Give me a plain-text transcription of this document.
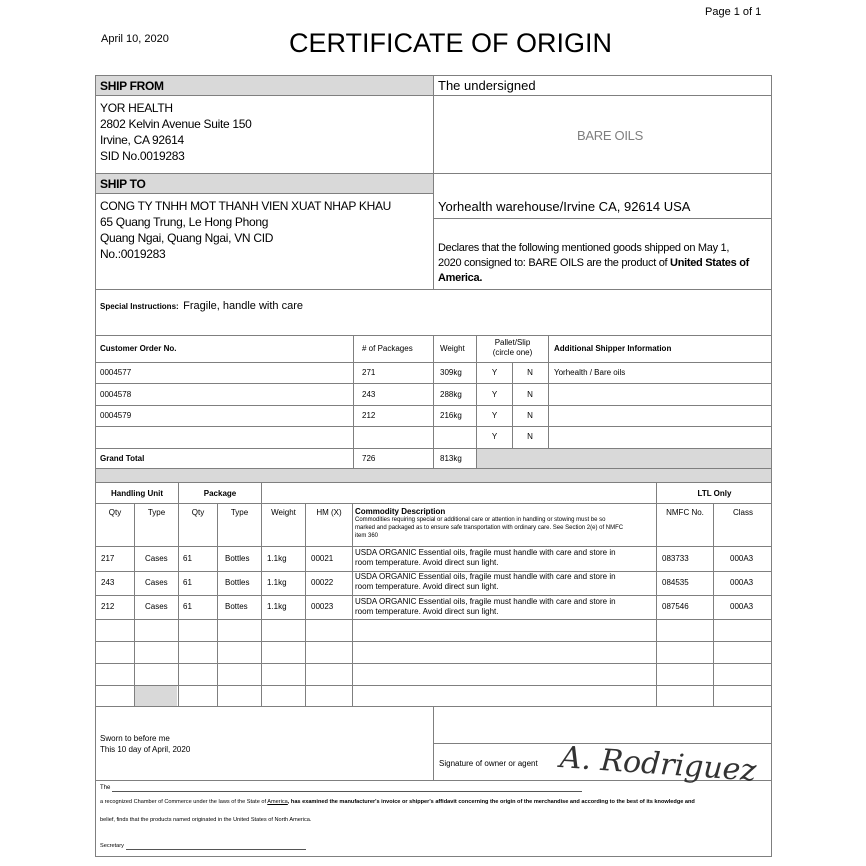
Page 1 of 1
April 10, 2020	CERTIFICATE OF ORIGIN
SHIP FROM
YOR HEALTH
2802 Kelvin Avenue Suite 150
Irvine, CA 92614
SID No.0019283
The undersigned
BARE OILS
SHIP TO
CONG TY TNHH MOT THANH VIEN XUAT NHAP KHAU
65 Quang Trung, Le Hong Phong
Quang Ngai, Quang Ngai, VN CID
No.:0019283
Yorhealth warehouse/Irvine CA, 92614 USA
Declares that the following mentioned goods shipped on May 1,
2020 consigned to: BARE OILS are the product of United States of
America.
Special Instructions: Fragile, handle with care
Customer Order No.	# of Packages	Weight
Pallet/Slip
(circle one)	Additional Shipper Information
0004577	271	309kg	Y	N	Yorhealth / Bare oils
0004578	243	288kg	Y	N
0004579	212	216kg	Y	N
Y	N
Grand Total	726	813kg
Handling Unit	Package	LTL Only
Qty	Type	Qty	Type	Weight	HM (X)	Commodity Description
Commodities requiring special or additional care or attention in handling or stowing must be so
marked and packaged as to ensure safe transportation with ordinary care. See Section 2(e) of NMFC
item 360
NMFC No.	Class
217	Cases 61	Bottles 1.1kg	00021
USDA ORGANIC Essential oils, fragile must handle with care and store in
room temperature. Avoid direct sun light.	083733	000A3
243	Cases 61	Bottles 1.1kg	00022
USDA ORGANIC Essential oils, fragile must handle with care and store in
room temperature. Avoid direct sun light.	084535	000A3
212	Cases 61	Bottes 1.1kg	00023
USDA ORGANIC Essential oils, fragile must handle with care and store in
room temperature. Avoid direct sun light.
087546	000A3
Sworn to before me
This 10 day of April, 2020
Signature of owner or agent A. Rodriguez
The
a recognized Chamber of Commerce under the laws of the State of America, has examined the manufacturer's invoice or shipper's affidavit concerning the origin of the merchandise and according to the best of its knowledge and
belief, finds that the products named originated in the United States of North America.
Secretary
